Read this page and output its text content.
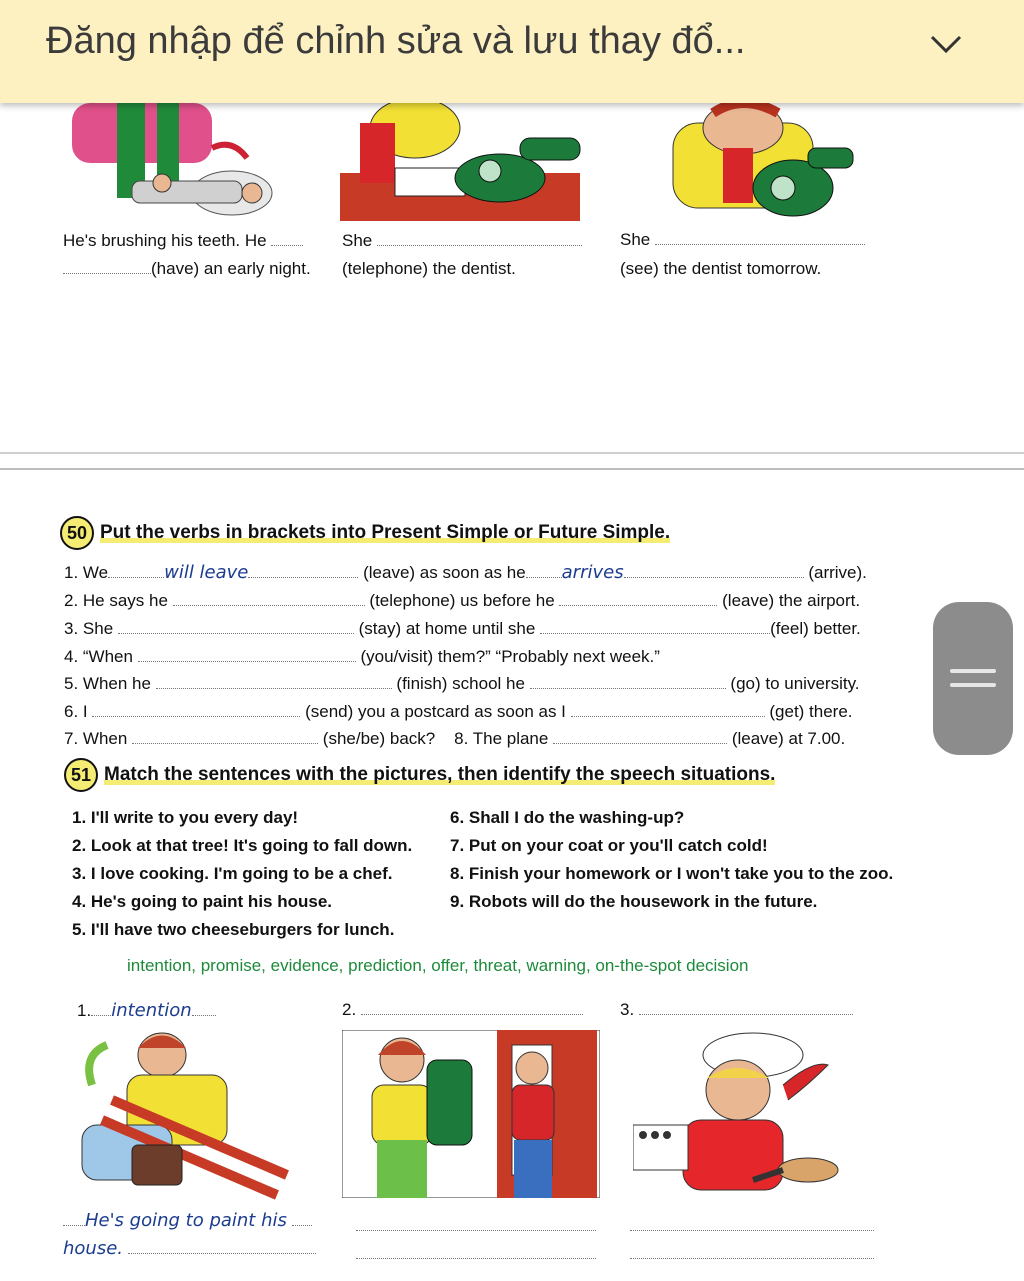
Đăng nhập để chỉnh sửa và lưu thay đổ...
He's brushing his teeth. He
(have) an early night.
She
(telephone) the dentist.
She
(see) the dentist tomorrow.
50 Put the verbs in brackets into Present Simple or Future Simple.
1. We	will leave	(leave) as soon as he arrives	(arrive).
2. He says he	(telephone) us before he	(leave) the airport.
3. She	(stay) at home until she	(feel) better.
4. “When	(you/visit) them?” “Probably next week.”
5. When he	(finish) school he	(go) to university.
6. I	(send) you a postcard as soon as I	(get) there.
7. When	(she/be) back? 8. The plane	(leave) at 7.00.
51 Match the sentences with the pictures, then identify the speech situations.
1. I'll write to you every day!
2. Look at that tree! It's going to fall down.
3. I love cooking. I'm going to be a chef.
4. He's going to paint his house.
5. I'll have two cheeseburgers for lunch.
6. Shall I do the washing-up?
7. Put on your coat or you'll catch cold!
8. Finish your homework or I won't take you to the zoo.
9. Robots will do the housework in the future.
intention, promise, evidence, prediction, offer, threat, warning, on-the-spot decision
1. intention	2.	3.
He's going to paint his
house.
